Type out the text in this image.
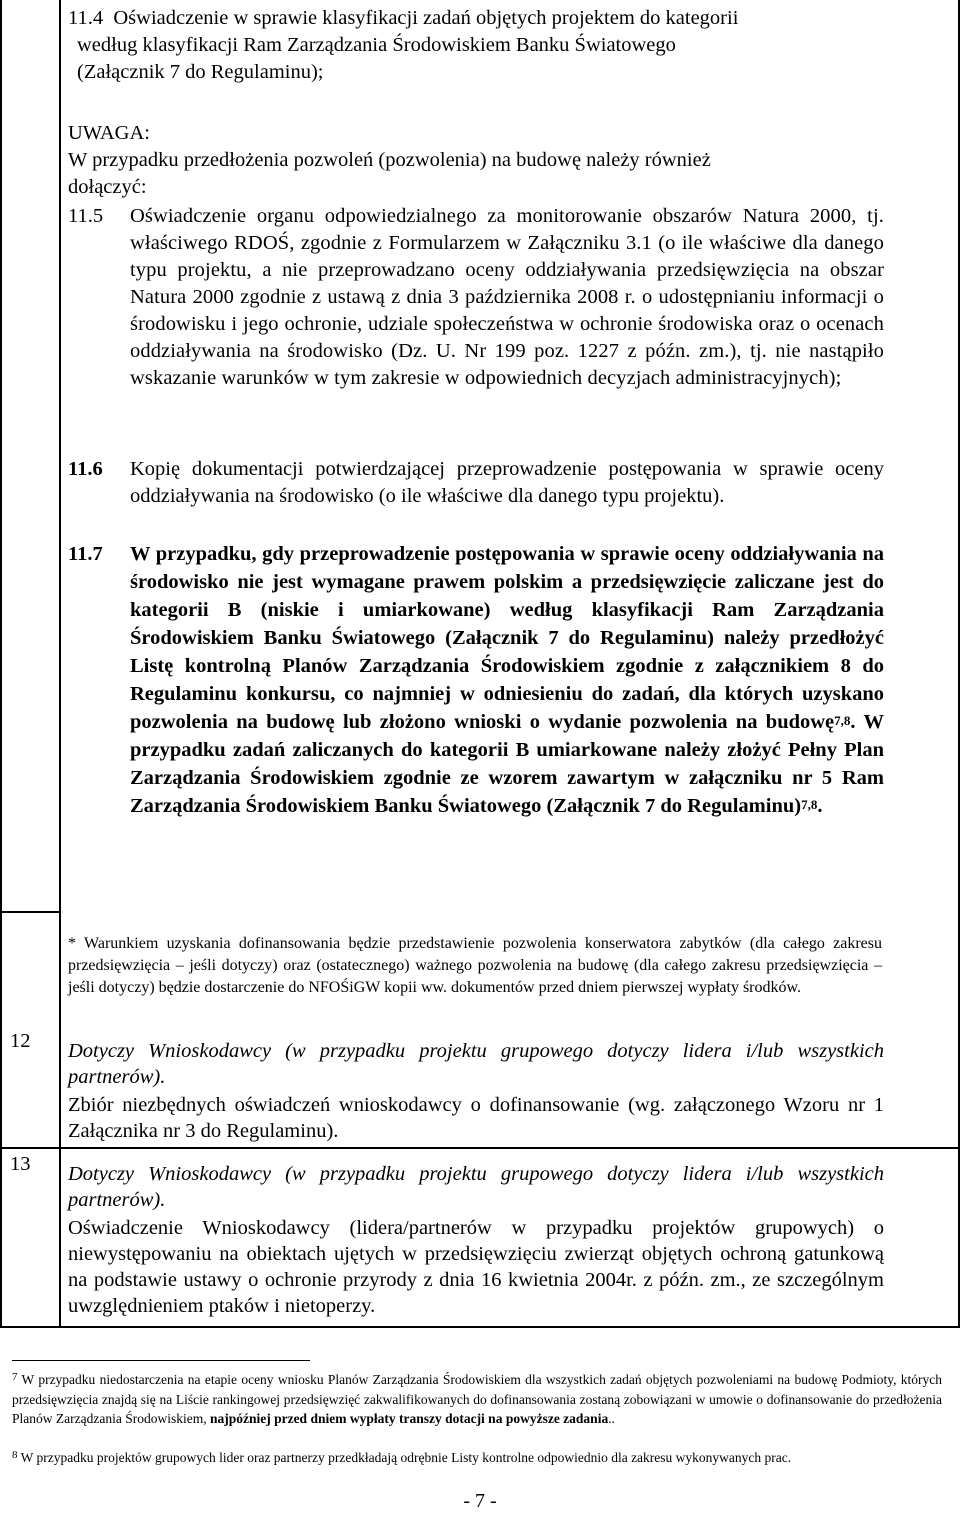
11.4  Oświadczenie w sprawie klasyfikacji zadań objętych projektem do kategorii
według klasyfikacji Ram Zarządzania Środowiskiem Banku Światowego
(Załącznik 7 do Regulaminu);
UWAGA:
W przypadku przedłożenia pozwoleń (pozwolenia) na budowę należy również
dołączyć:
11.5	Oświadczenie organu odpowiedzialnego za monitorowanie obszarów Natura 2000, tj. właściwego RDOŚ, zgodnie z Formularzem w Załączniku 3.1 (o ile właściwe dla danego typu projektu, a nie przeprowadzano oceny oddziaływania przedsięwzięcia na obszar Natura 2000 zgodnie z ustawą z dnia 3 października 2008 r. o udostępnianiu informacji o środowisku i jego ochronie, udziale społeczeństwa w ochronie środowiska oraz o ocenach oddziaływania na środowisko (Dz. U. Nr 199 poz. 1227 z późn. zm.), tj. nie nastąpiło wskazanie warunków w tym zakresie w odpowiednich decyzjach administracyjnych);
11.6	Kopię dokumentacji potwierdzającej przeprowadzenie postępowania w sprawie oceny oddziaływania na środowisko (o ile właściwe dla danego typu projektu).
11.7	W przypadku, gdy przeprowadzenie postępowania w sprawie oceny oddziaływania na środowisko nie jest wymagane prawem polskim a przedsięwzięcie zaliczane jest do kategorii B (niskie i umiarkowane) według klasyfikacji Ram Zarządzania Środowiskiem Banku Światowego (Załącznik 7 do Regulaminu) należy przedłożyć Listę kontrolną Planów Zarządzania Środowiskiem zgodnie z załącznikiem 8 do Regulaminu konkursu, co najmniej w odniesieniu do zadań, dla których uzyskano pozwolenia na budowę lub złożono wnioski o wydanie pozwolenia na budowę$^{7,8}$. W przypadku zadań zaliczanych do kategorii B umiarkowane należy złożyć Pełny Plan Zarządzania Środowiskiem zgodnie ze wzorem zawartym w załączniku nr 5 Ram Zarządzania Środowiskiem Banku Światowego (Załącznik 7 do Regulaminu)$^{7,8}$.
* Warunkiem uzyskania dofinansowania będzie przedstawienie pozwolenia konserwatora zabytków (dla całego zakresu przedsięwzięcia – jeśli dotyczy) oraz (ostatecznego) ważnego pozwolenia na budowę (dla całego zakresu przedsięwzięcia – jeśli dotyczy) będzie dostarczenie do NFOŚiGW kopii ww. dokumentów przed dniem pierwszej wypłaty środków.
12 Dotyczy Wnioskodawcy (w przypadku projektu grupowego dotyczy lidera i/lub wszystkich partnerów).
Zbiór niezbędnych oświadczeń wnioskodawcy o dofinansowanie (wg. załączonego Wzoru nr 1 Załącznika nr 3 do Regulaminu).
13 Dotyczy Wnioskodawcy (w przypadku projektu grupowego dotyczy lidera i/lub wszystkich partnerów).
Oświadczenie Wnioskodawcy (lidera/partnerów w przypadku projektów grupowych) o niewystępowaniu na obiektach ujętych w przedsięwzięciu zwierząt objętych ochroną gatunkową na podstawie ustawy o ochronie przyrody z dnia 16 kwietnia 2004r. z późn. zm., ze szczególnym uwzględnieniem ptaków i nietoperzy.
$^7$ W przypadku niedostarczenia na etapie oceny wniosku Planów Zarządzania Środowiskiem dla wszystkich zadań objętych pozwoleniami na budowę Podmioty, których przedsięwzięcia znajdą się na Liście rankingowej przedsięwzięć zakwalifikowanych do dofinansowania zostaną zobowiązani w umowie o dofinansowanie do przedłożenia Planów Zarządzania Środowiskiem, najpóźniej przed dniem wypłaty transzy dotacji na powyższe zadania..
$^8$ W przypadku projektów grupowych lider oraz partnerzy przedkładają odrębnie Listy kontrolne odpowiednio dla zakresu wykonywanych prac.
- 7 -
